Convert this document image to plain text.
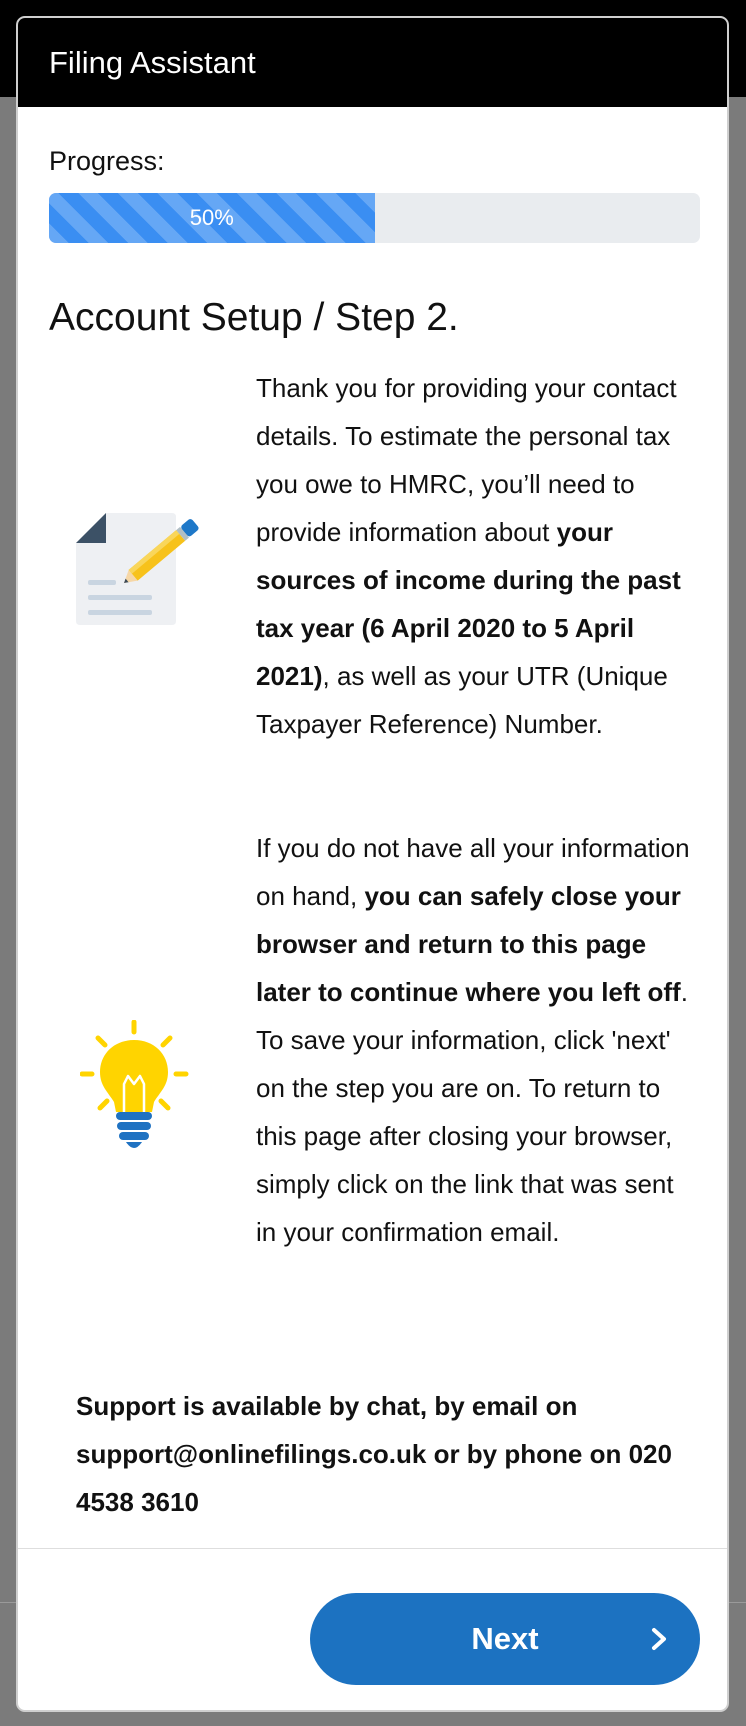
Filing Assistant
Progress:
50%
Account Setup / Step 2.

Thank you for providing your contact details. To estimate the personal tax you owe to HMRC, you’ll need to provide information about your sources of income during the past tax year (6 April 2020 to 5 April 2021), as well as your UTR (Unique Taxpayer Reference) Number.

If you do not have all your information on hand, you can safely close your browser and return to this page later to continue where you left off. To save your information, click 'next' on the step you are on. To return to this page after closing your browser, simply click on the link that was sent in your confirmation email.

Support is available by chat, by email on support@onlinefilings.co.uk or by phone on 020 4538 3610

Next
